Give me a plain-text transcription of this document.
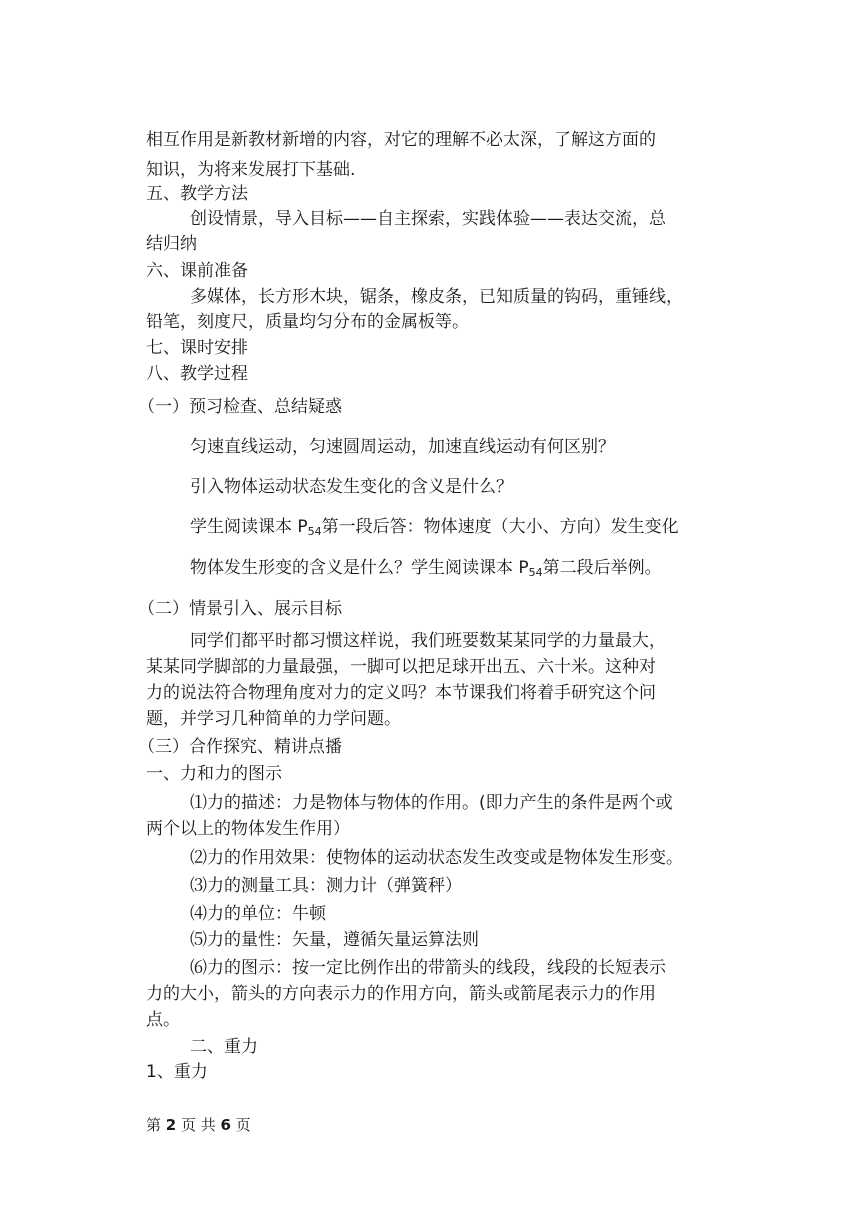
相互作用是新教材新增的内容，对它的理解不必太深，了解这方面的
知识，为将来发展打下基础.
五、教学方法
创设情景，导入目标——自主探索，实践体验——表达交流，总
结归纳
六、课前准备
多媒体，长方形木块，锯条，橡皮条，已知质量的钩码，重锤线，
铅笔，刻度尺，质量均匀分布的金属板等。
七、课时安排
八、教学过程
（一）预习检查、总结疑惑
匀速直线运动，匀速圆周运动，加速直线运动有何区别？
引入物体运动状态发生变化的含义是什么？
学生阅读课本 $P_{54}$第一段后答：物体速度（大小、方向）发生变化
物体发生形变的含义是什么？学生阅读课本 $P_{54}$第二段后举例。
（二）情景引入、展示目标
同学们都平时都习惯这样说，我们班要数某某同学的力量最大，
某某同学脚部的力量最强，一脚可以把足球开出五、六十米。这种对
力的说法符合物理角度对力的定义吗？本节课我们将着手研究这个问
题，并学习几种简单的力学问题。
（三）合作探究、精讲点播
一、力和力的图示
⑴力的描述：力是物体与物体的作用。(即力产生的条件是两个或
两个以上的物体发生作用）
⑵力的作用效果：使物体的运动状态发生改变或是物体发生形变。
⑶力的测量工具：测力计（弹簧秤）
⑷力的单位：牛顿
⑸力的量性：矢量，遵循矢量运算法则
⑹力的图示：按一定比例作出的带箭头的线段，线段的长短表示
力的大小，箭头的方向表示力的作用方向，箭头或箭尾表示力的作用
点。
二、重力
1、重力
第 2 页 共 6 页
